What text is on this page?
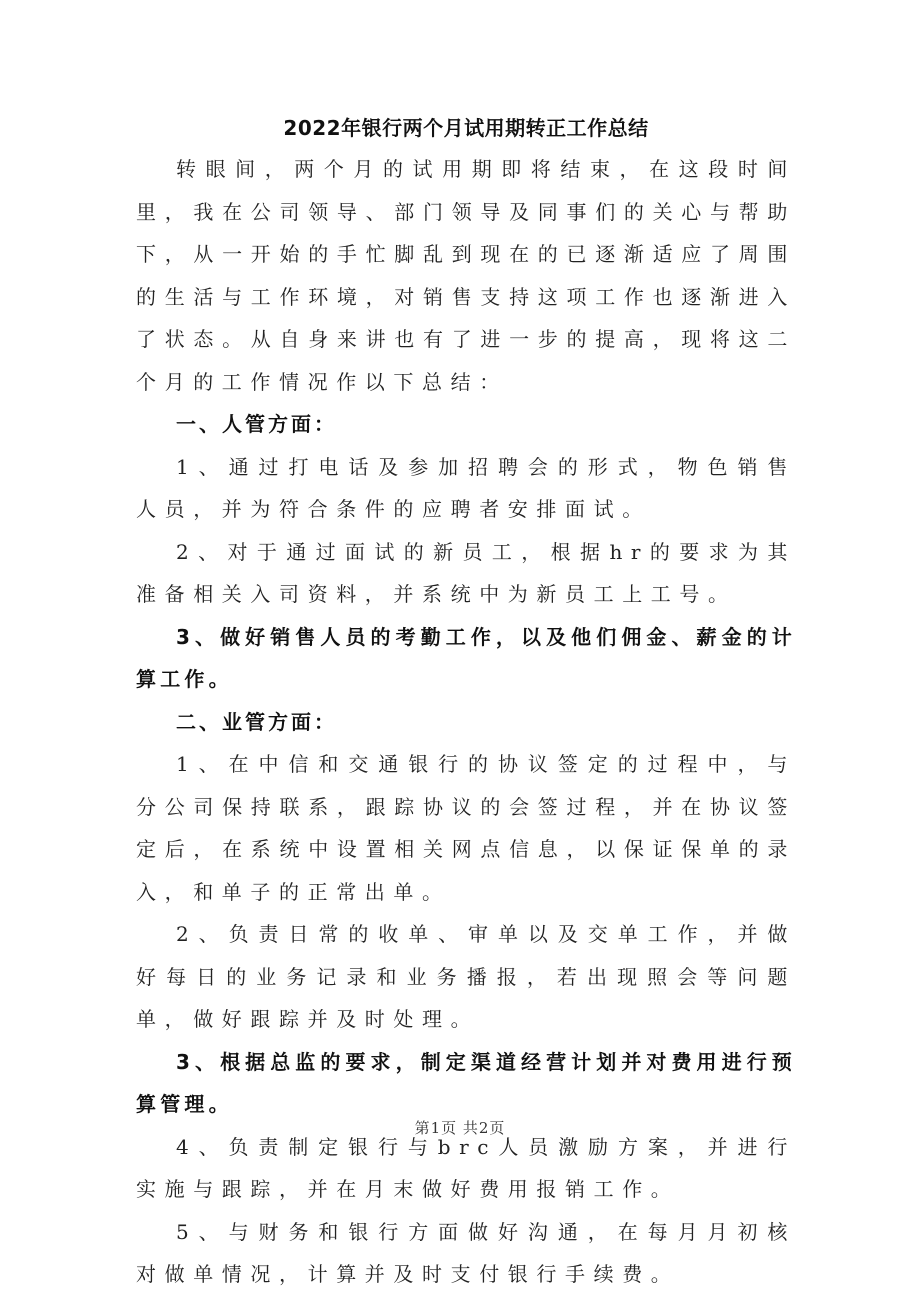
2022年银行两个月试用期转正工作总结

转眼间，两个月的试用期即将结束，在这段时间里，我在公司领导、部门领导及同事们的关心与帮助下，从一开始的手忙脚乱到现在的已逐渐适应了周围的生活与工作环境，对销售支持这项工作也逐渐进入了状态。从自身来讲也有了进一步的提高，现将这二个月的工作情况作以下总结：

一、人管方面：

1、通过打电话及参加招聘会的形式，物色销售人员，并为符合条件的应聘者安排面试。

2、对于通过面试的新员工，根据hr的要求为其准备相关入司资料，并系统中为新员工上工号。

3、做好销售人员的考勤工作，以及他们佣金、薪金的计算工作。

二、业管方面：

1、在中信和交通银行的协议签定的过程中，与分公司保持联系，跟踪协议的会签过程，并在协议签定后，在系统中设置相关网点信息，以保证保单的录入，和单子的正常出单。

2、负责日常的收单、审单以及交单工作，并做好每日的业务记录和业务播报，若出现照会等问题单，做好跟踪并及时处理。

3、根据总监的要求，制定渠道经营计划并对费用进行预算管理。

4、负责制定银行与brc人员激励方案，并进行实施与跟踪，并在月末做好费用报销工作。

5、与财务和银行方面做好沟通，在每月月初核对做单情况，计算并及时支付银行手续费。

第1页 共2页
